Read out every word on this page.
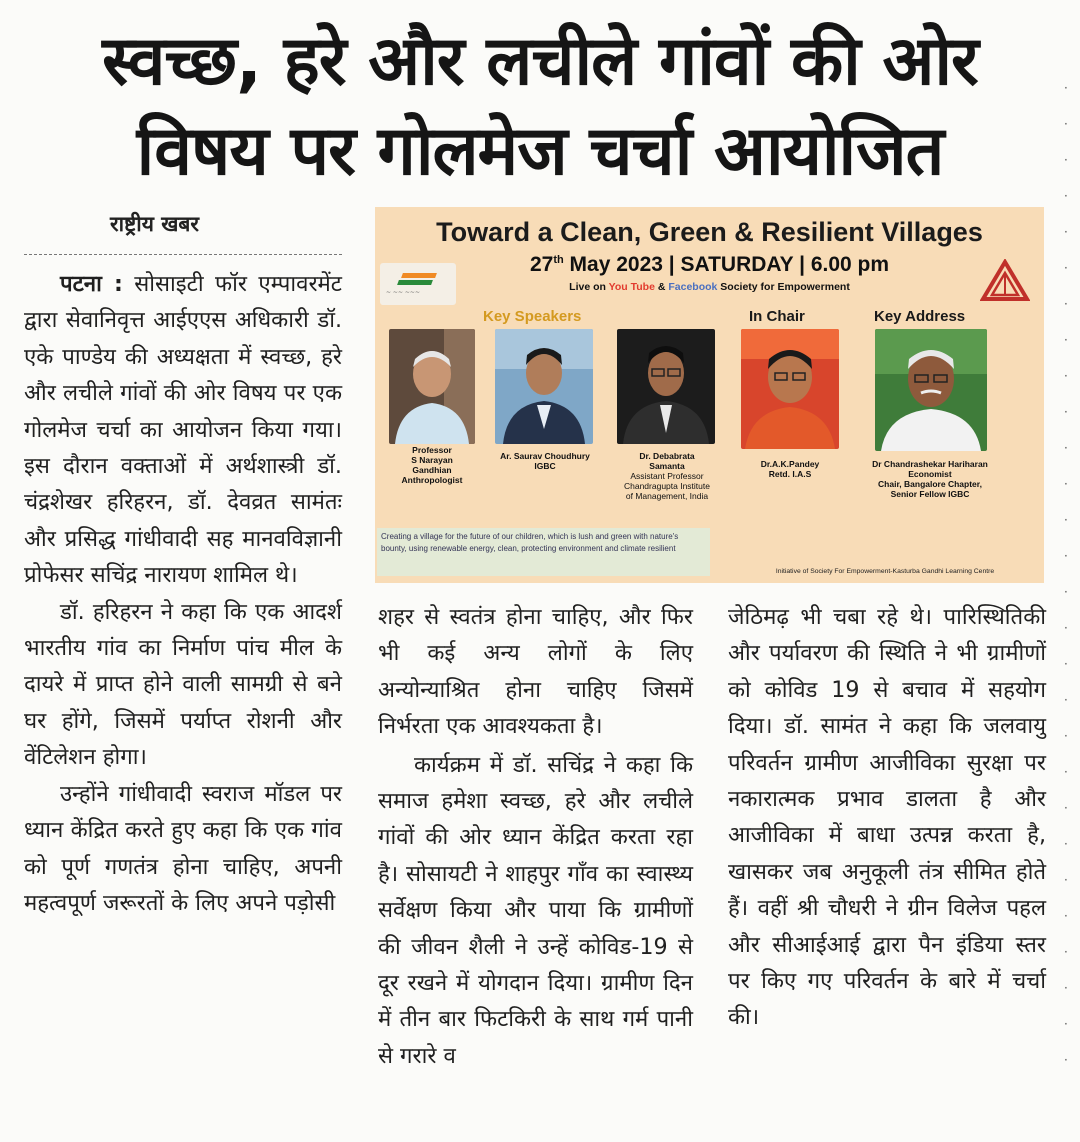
स्वच्छ, हरे और लचीले गांवों की ओर
विषय पर गोलमेज चर्चा आयोजित
राष्ट्रीय खबर

पटना : सोसाइटी फॉर एम्पावरमेंट द्वारा सेवानिवृत्त आईएएस अधिकारी डॉ. एके पाण्डेय की अध्यक्षता में स्वच्छ, हरे और लचीले गांवों की ओर विषय पर एक गोलमेज चर्चा का आयोजन किया गया। इस दौरान वक्ताओं में अर्थशास्त्री डॉ. चंद्रशेखर हरिहरन, डॉ. देवव्रत सामंतः और प्रसिद्ध गांधीवादी सह मानवविज्ञानी प्रोफेसर सचिंद्र नारायण शामिल थे।

डॉ. हरिहरन ने कहा कि एक आदर्श भारतीय गांव का निर्माण पांच मील के दायरे में प्राप्त होने वाली सामग्री से बने घर होंगे, जिसमें पर्याप्त रोशनी और वेंटिलेशन होगा।

उन्होंने गांधीवादी स्वराज मॉडल पर ध्यान केंद्रित करते हुए कहा कि एक गांव को पूर्ण गणतंत्र होना चाहिए, अपनी महत्वपूर्ण जरूरतों के लिए अपने पड़ोसी

शहर से स्वतंत्र होना चाहिए, और फिर भी कई अन्य लोगों के लिए अन्योन्याश्रित होना चाहिए जिसमें निर्भरता एक आवश्यकता है।

कार्यक्रम में डॉ. सचिंद्र ने कहा कि समाज हमेशा स्वच्छ, हरे और लचीले गांवों की ओर ध्यान केंद्रित करता रहा है। सोसायटी ने शाहपुर गाँव का स्वास्थ्य सर्वेक्षण किया और पाया कि ग्रामीणों की जीवन शैली ने उन्हें कोविड-19 से दूर रखने में योगदान दिया। ग्रामीण दिन में तीन बार फिटकिरी के साथ गर्म पानी से गरारे व

जेठिमढ़ भी चबा रहे थे। पारिस्थितिकी और पर्यावरण की स्थिति ने भी ग्रामीणों को कोविड 19 से बचाव में सहयोग दिया। डॉ. सामंत ने कहा कि जलवायु परिवर्तन ग्रामीण आजीविका सुरक्षा पर नकारात्मक प्रभाव डालता है और आजीविका में बाधा उत्पन्न करता है, खासकर जब अनुकूली तंत्र सीमित होते हैं। वहीं श्री चौधरी ने ग्रीन विलेज पहल और सीआईआई द्वारा पैन इंडिया स्तर पर किए गए परिवर्तन के बारे में चर्चा की।

·
·
·
·
·
·
·
·
·
·
·
·
·
·
·
·
·
·
·
·
·
·
·
·
·
·
·
·
Toward a Clean, Green & Resilient Villages
27th May 2023 | SATURDAY | 6.00 pm
Live on You Tube & Facebook Society for Empowerment
~ ~~ ~~~
Key Speakers	In Chair	Key Address
Professor
S Narayan
Gandhian
Anthropologist
Ar. Saurav Choudhury
IGBC
Dr. Debabrata
Samanta
Assistant Professor
Chandragupta Institute
of Management, India
Dr.A.K.Pandey
Retd. I.A.S
Dr Chandrashekar Hariharan
Economist
Chair, Bangalore Chapter,
Senior Fellow IGBC
Creating a village for the future of our children, which is lush and green with nature's bounty, using renewable energy, clean, protecting environment and climate resilient
Initiative of Society For Empowerment-Kasturba Gandhi Learning Centre
